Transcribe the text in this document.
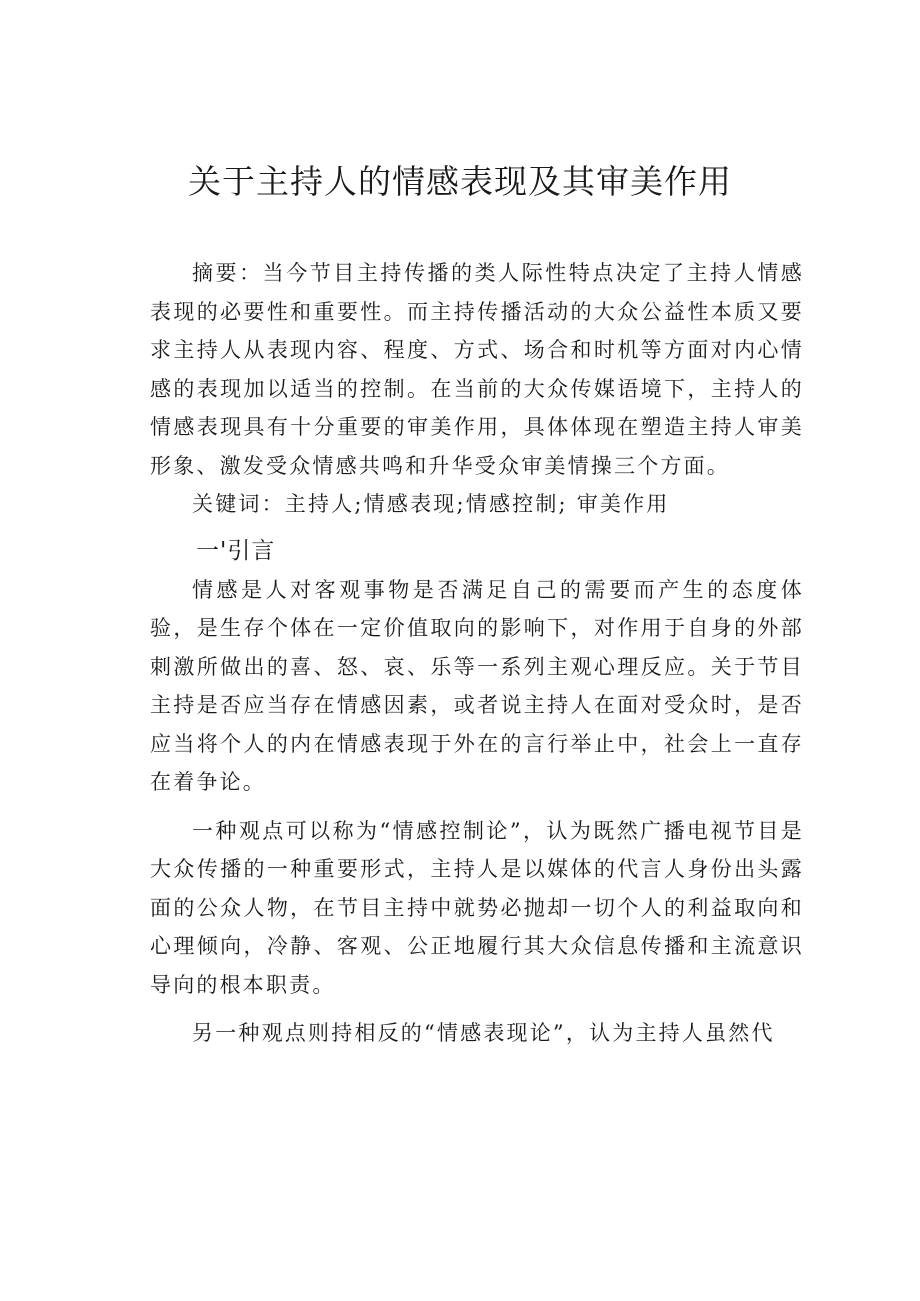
关于主持人的情感表现及其审美作用

摘要：当今节目主持传播的类人际性特点决定了主持人情感表现的必要性和重要性。而主持传播活动的大众公益性本质又要求主持人从表现内容、程度、方式、场合和时机等方面对内心情感的表现加以适当的控制。在当前的大众传媒语境下，主持人的情感表现具有十分重要的审美作用，具体体现在塑造主持人审美形象、激发受众情感共鸣和升华受众审美情操三个方面。

关键词：主持人;情感表现;情感控制; 审美作用

一'引言

情感是人对客观事物是否满足自己的需要而产生的态度体验，是生存个体在一定价值取向的影响下，对作用于自身的外部刺激所做出的喜、怒、哀、乐等一系列主观心理反应。关于节目主持是否应当存在情感因素，或者说主持人在面对受众时，是否应当将个人的内在情感表现于外在的言行举止中，社会上一直存在着争论。

一种观点可以称为“情感控制论”，认为既然广播电视节目是大众传播的一种重要形式，主持人是以媒体的代言人身份出头露面的公众人物，在节目主持中就势必抛却一切个人的利益取向和心理倾向，冷静、客观、公正地履行其大众信息传播和主流意识导向的根本职责。

另一种观点则持相反的“情感表现论”，认为主持人虽然代
